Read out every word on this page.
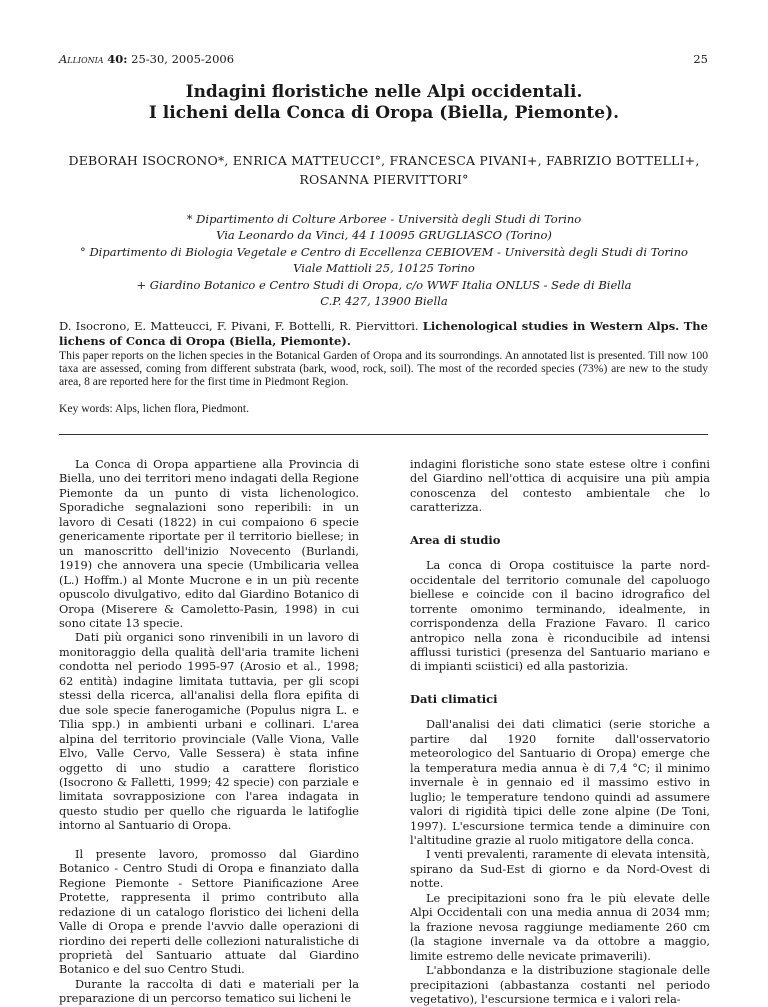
Allionia 40: 25-30, 2005-2006	25
Indagini floristiche nelle Alpi occidentali.
I licheni della Conca di Oropa (Biella, Piemonte).
DEBORAH ISOCRONO*, ENRICA MATTEUCCI°, FRANCESCA PIVANI+, FABRIZIO BOTTELLI+,
ROSANNA PIERVITTORI°
* Dipartimento di Colture Arboree - Università degli Studi di Torino
Via Leonardo da Vinci, 44 I 10095 GRUGLIASCO (Torino)
° Dipartimento di Biologia Vegetale e Centro di Eccellenza CEBIOVEM - Università degli Studi di Torino
Viale Mattioli 25, 10125 Torino
+ Giardino Botanico e Centro Studi di Oropa, c/o WWF Italia ONLUS - Sede di Biella
C.P. 427, 13900 Biella
D. Isocrono, E. Matteucci, F. Pivani, F. Bottelli, R. Piervittori. Lichenological studies in Western Alps. The lichens of Conca di Oropa (Biella, Piemonte).
This paper reports on the lichen species in the Botanical Garden of Oropa and its sourrondings. An annotated list is presented. Till now 100 taxa are assessed, coming from different substrata (bark, wood, rock, soil). The most of the recorded species (73%) are new to the study area, 8 are reported here for the first time in Piedmont Region.
Key words: Alps, lichen flora, Piedmont.

La Conca di Oropa appartiene alla Provincia di Biella, uno dei territori meno indagati della Regione Piemonte da un punto di vista lichenologico. Sporadiche segnalazioni sono reperibili: in un lavoro di Cesati (1822) in cui compaiono 6 specie genericamente riportate per il territorio biellese; in un manoscritto dell'inizio Novecento (Burlandi, 1919) che annovera una specie (Umbilicaria vellea (L.) Hoffm.) al Monte Mucrone e in un più recente opuscolo divulgativo, edito dal Giardino Botanico di Oropa (Miserere & Camoletto-Pasin, 1998) in cui sono citate 13 specie.

Dati più organici sono rinvenibili in un lavoro di monitoraggio della qualità dell'aria tramite licheni condotta nel periodo 1995-97 (Arosio et al., 1998; 62 entità) indagine limitata tuttavia, per gli scopi stessi della ricerca, all'analisi della flora epifita di due sole specie fanerogamiche (Populus nigra L. e Tilia spp.) in ambienti urbani e collinari. L'area alpina del territorio provinciale (Valle Viona, Valle Elvo, Valle Cervo, Valle Sessera) è stata infine oggetto di uno studio a carattere floristico (Isocrono & Falletti, 1999; 42 specie) con parziale e limitata sovrapposizione con l'area indagata in questo studio per quello che riguarda le latifoglie intorno al Santuario di Oropa.

Il presente lavoro, promosso dal Giardino Botanico - Centro Studi di Oropa e finanziato dalla Regione Piemonte - Settore Pianificazione Aree Protette, rappresenta il primo contributo alla redazione di un catalogo floristico dei licheni della Valle di Oropa e prende l'avvio dalle operazioni di riordino dei reperti delle collezioni naturalistiche di proprietà del Santuario attuate dal Giardino Botanico e del suo Centro Studi.

Durante la raccolta di dati e materiali per la preparazione di un percorso tematico sui licheni le

indagini floristiche sono state estese oltre i confini del Giardino nell'ottica di acquisire una più ampia conoscenza del contesto ambientale che lo caratterizza.

Area di studio

La conca di Oropa costituisce la parte nord-occidentale del territorio comunale del capoluogo biellese e coincide con il bacino idrografico del torrente omonimo terminando, idealmente, in corrispondenza della Frazione Favaro. Il carico antropico nella zona è riconducibile ad intensi afflussi turistici (presenza del Santuario mariano e di impianti sciistici) ed alla pastorizia.

Dati climatici

Dall'analisi dei dati climatici (serie storiche a partire dal 1920 fornite dall'osservatorio meteorologico del Santuario di Oropa) emerge che la temperatura media annua è di 7,4 °C; il minimo invernale è in gennaio ed il massimo estivo in luglio; le temperature tendono quindi ad assumere valori di rigidità tipici delle zone alpine (De Toni, 1997). L'escursione termica tende a diminuire con l'altitudine grazie al ruolo mitigatore della conca.

I venti prevalenti, raramente di elevata intensità, spirano da Sud-Est di giorno e da Nord-Ovest di notte.

Le precipitazioni sono fra le più elevate delle Alpi Occidentali con una media annua di 2034 mm; la frazione nevosa raggiunge mediamente 260 cm (la stagione invernale va da ottobre a maggio, limite estremo delle nevicate primaverili).

L'abbondanza e la distribuzione stagionale delle precipitazioni (abbastanza costanti nel periodo vegetativo), l'escursione termica e i valori rela-
